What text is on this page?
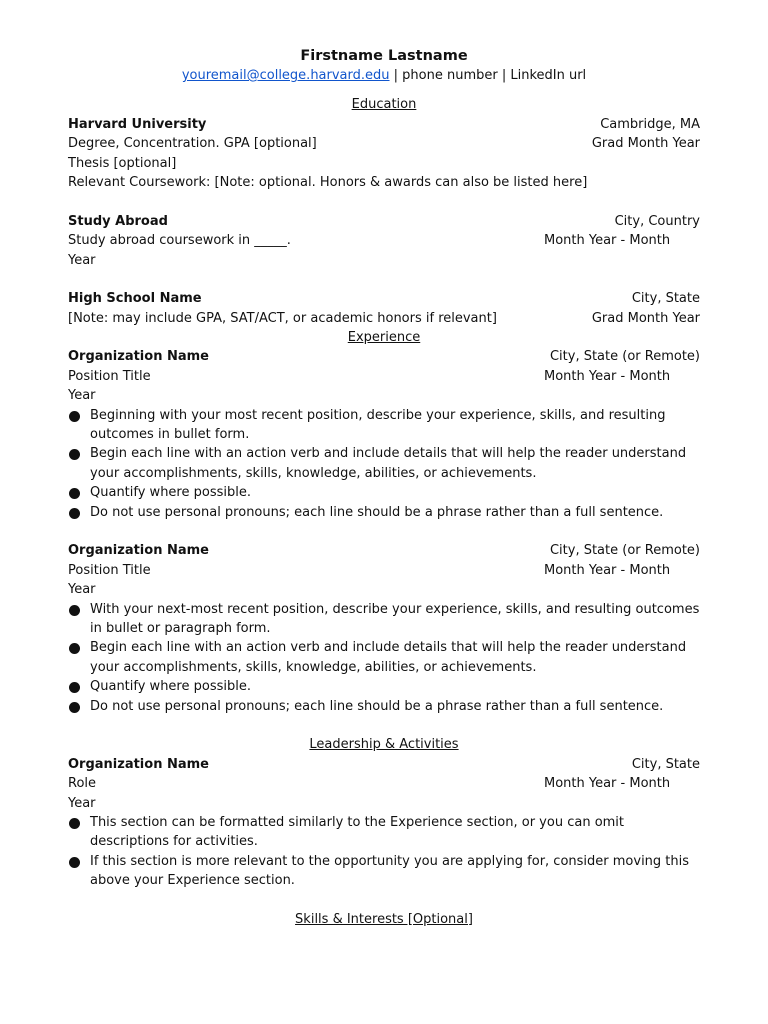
Firstname Lastname
youremail@college.harvard.edu | phone number | LinkedIn url
Education
Harvard University	Cambridge, MA
Degree, Concentration. GPA [optional]	Grad Month Year
Thesis [optional]
Relevant Coursework: [Note: optional. Honors & awards can also be listed here]
Study Abroad	City, Country
Study abroad coursework in _____.	Month Year - Month
Year
High School Name	City, State
[Note: may include GPA, SAT/ACT, or academic honors if relevant]	Grad Month Year
Experience
Organization Name	City, State (or Remote)
Position Title	Month Year - Month
Year
Beginning with your most recent position, describe your experience, skills, and resulting outcomes in bullet form.
Begin each line with an action verb and include details that will help the reader understand your accomplishments, skills, knowledge, abilities, or achievements.
Quantify where possible.
Do not use personal pronouns; each line should be a phrase rather than a full sentence.
Organization Name	City, State (or Remote)
Position Title	Month Year - Month
Year
With your next-most recent position, describe your experience, skills, and resulting outcomes in bullet or paragraph form.
Begin each line with an action verb and include details that will help the reader understand your accomplishments, skills, knowledge, abilities, or achievements.
Quantify where possible.
Do not use personal pronouns; each line should be a phrase rather than a full sentence.
Leadership & Activities
Organization Name	City, State
Role	Month Year - Month
Year
This section can be formatted similarly to the Experience section, or you can omit descriptions for activities.
If this section is more relevant to the opportunity you are applying for, consider moving this above your Experience section.
Skills & Interests [Optional]
